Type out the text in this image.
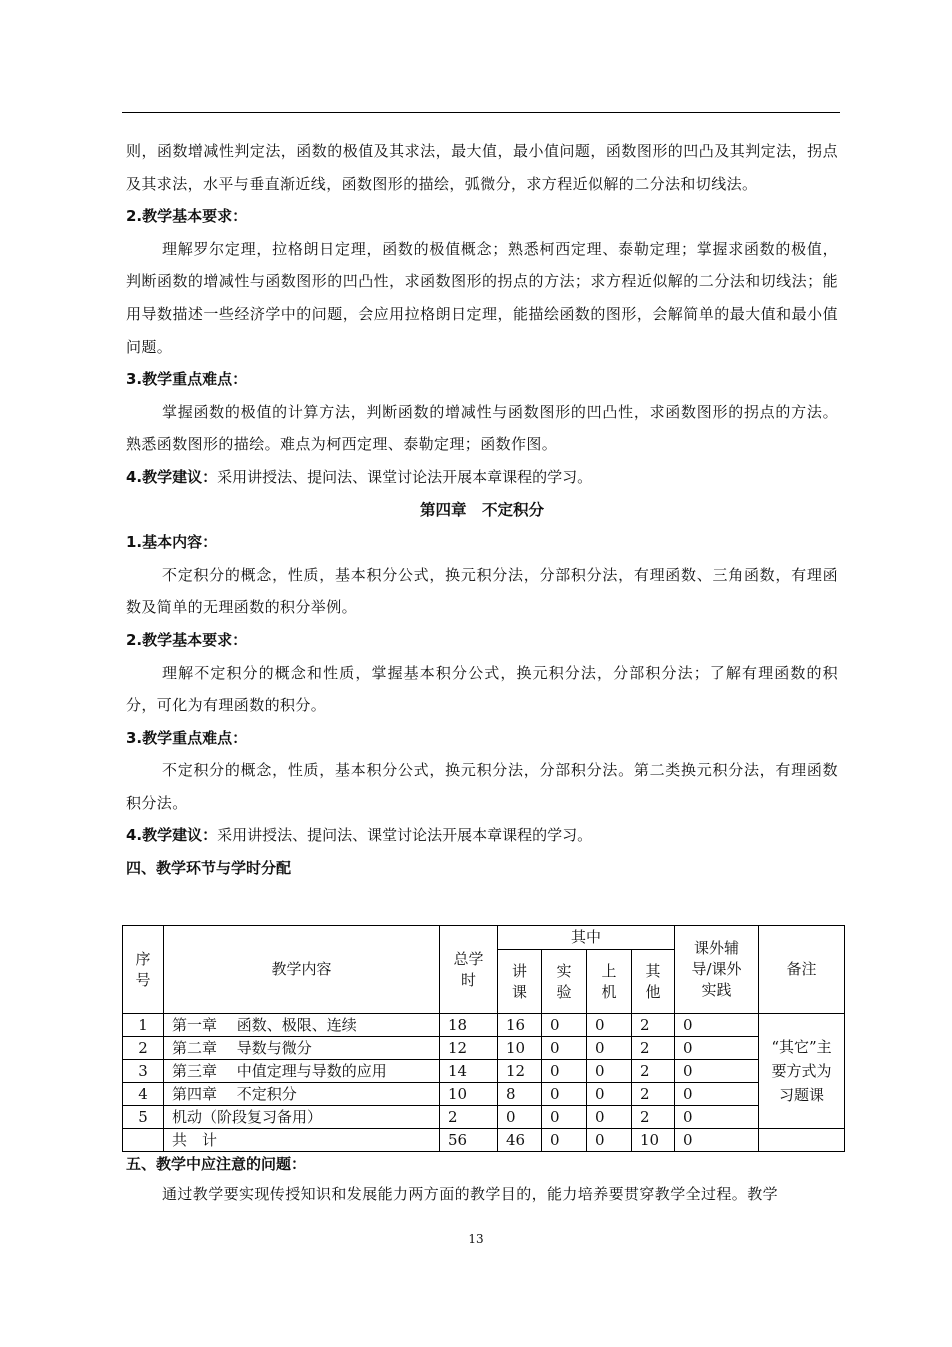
则，函数增减性判定法，函数的极值及其求法，最大值，最小值问题，函数图形的凹凸及其判定法，拐点及其求法，水平与垂直渐近线，函数图形的描绘，弧微分，求方程近似解的二分法和切线法。

2.教学基本要求：

理解罗尔定理，拉格朗日定理，函数的极值概念；熟悉柯西定理、泰勒定理；掌握求函数的极值，判断函数的增减性与函数图形的凹凸性，求函数图形的拐点的方法；求方程近似解的二分法和切线法；能用导数描述一些经济学中的问题，会应用拉格朗日定理，能描绘函数的图形，会解简单的最大值和最小值问题。

3.教学重点难点：

掌握函数的极值的计算方法，判断函数的增减性与函数图形的凹凸性，求函数图形的拐点的方法。熟悉函数图形的描绘。难点为柯西定理、泰勒定理；函数作图。

4.教学建议：采用讲授法、提问法、课堂讨论法开展本章课程的学习。

第四章　不定积分

1.基本内容：

不定积分的概念，性质，基本积分公式，换元积分法，分部积分法，有理函数、三角函数，有理函数及简单的无理函数的积分举例。

2.教学基本要求：

理解不定积分的概念和性质，掌握基本积分公式，换元积分法，分部积分法；了解有理函数的积分，可化为有理函数的积分。

3.教学重点难点：

不定积分的概念，性质，基本积分公式，换元积分法，分部积分法。第二类换元积分法，有理函数积分法。

4.教学建议：采用讲授法、提问法、课堂讨论法开展本章课程的学习。

四、教学环节与学时分配

序号	教学内容	总学时	其中				课外辅导/课外实践	备注
			讲课	实验	上机	其他		
1	第一章　 函数、极限、连续	18	16	0	0	2	0	“其它”主要方式为习题课
2	第二章　 导数与微分	12	10	0	0	2	0	
3	第三章　 中值定理与导数的应用	14	12	0	0	2	0	
4	第四章　 不定积分	10	8	0	0	2	0	
5	机动（阶段复习备用）	2	0	0	0	2	0	
	共　计	56	46	0	0	10	0	

五、教学中应注意的问题：

通过教学要实现传授知识和发展能力两方面的教学目的，能力培养要贯穿教学全过程。教学

13
